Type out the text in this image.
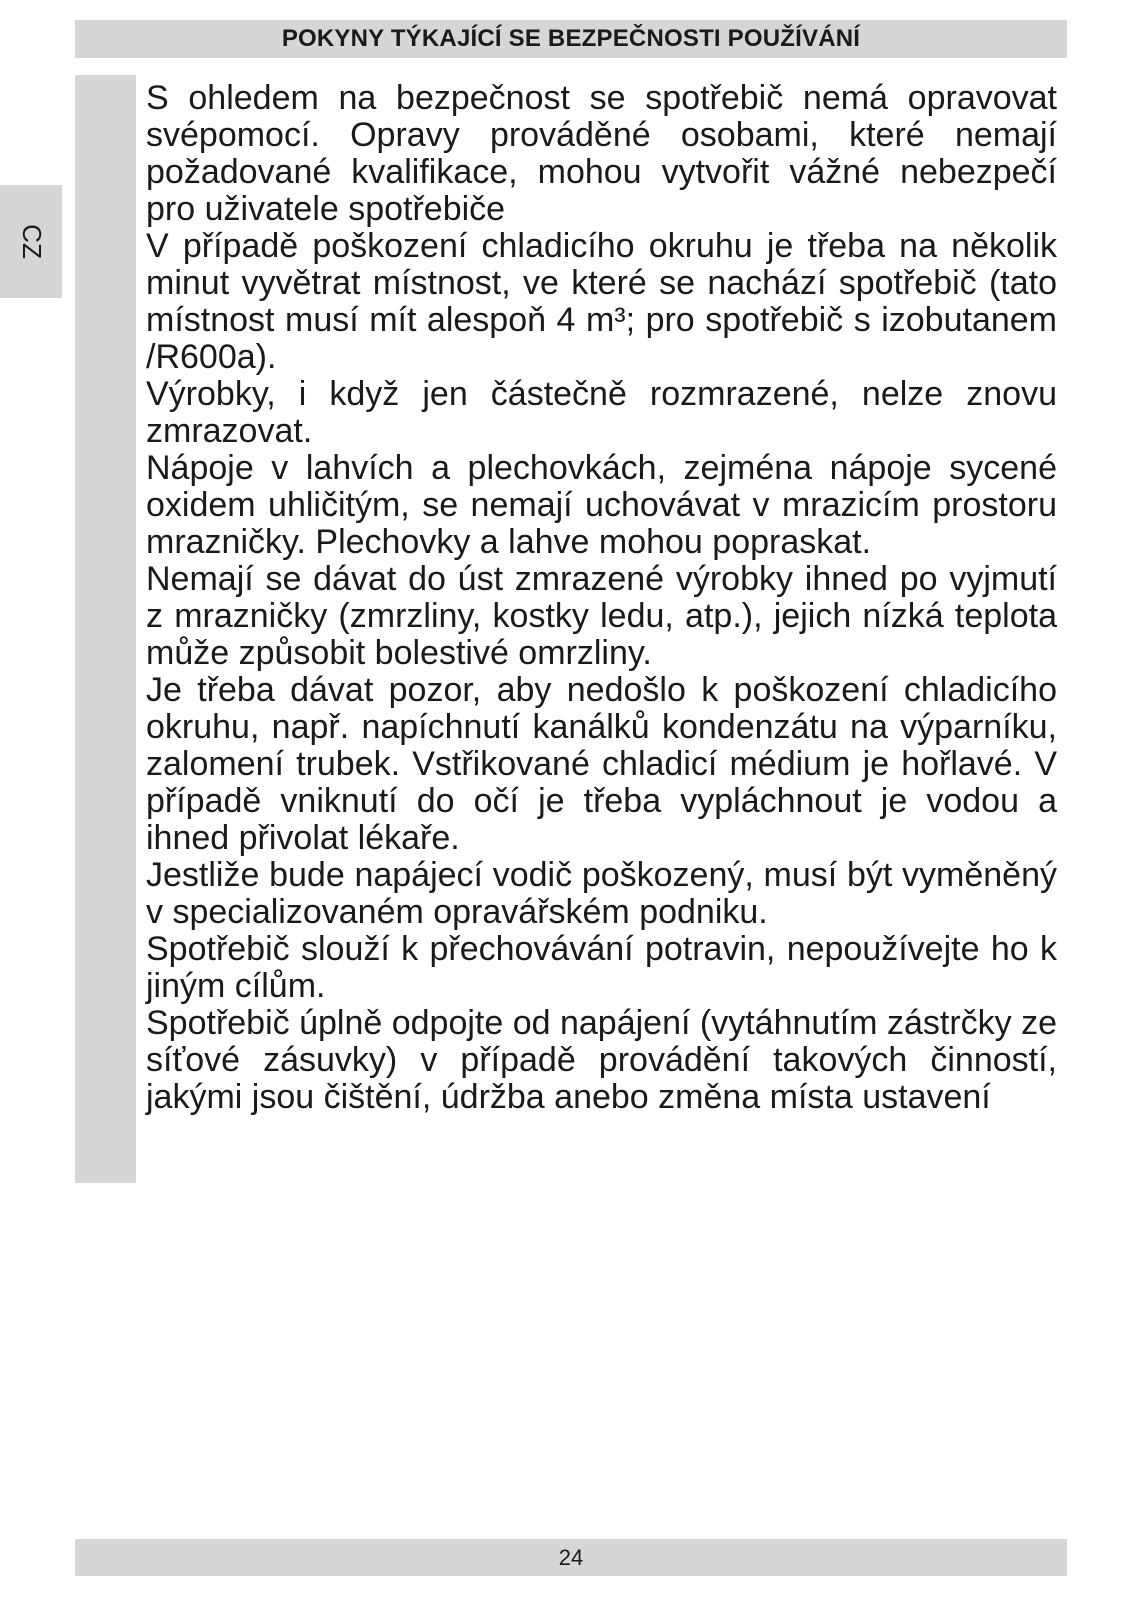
POKYNY TÝKAJÍCÍ SE BEZPEČNOSTI POUŽÍVÁNÍ
CZ

S ohledem na bezpečnost se spotřebič nemá opravovat svépomocí. Opravy prováděné osobami, které nemají požadované kvalifikace, mohou vytvořit vážné nebezpečí pro uživatele spotřebiče

V případě poškození chladicího okruhu je třeba na několik minut vyvětrat místnost, ve které se nachází spotřebič (tato místnost musí mít alespoň 4 m³; pro spotřebič s izobutanem /R600a).

Výrobky, i když jen částečně rozmrazené, nelze znovu zmrazovat.

Nápoje v lahvích a plechovkách, zejména nápoje sycené oxidem uhličitým, se nemají uchovávat v mrazicím prostoru mrazničky. Plechovky a lahve mohou popraskat.

Nemají se dávat do úst zmrazené výrobky ihned po vyjmutí z mrazničky (zmrzliny, kostky ledu, atp.), jejich nízká teplota může způsobit bolestivé omrzliny.

Je třeba dávat pozor, aby nedošlo k poškození chladicího okruhu, např. napíchnutí kanálků kondenzátu na výparníku, zalomení trubek. Vstřikované chladicí médium je hořlavé. V případě vniknutí do očí je třeba vypláchnout je vodou a ihned přivolat lékaře.

Jestliže bude napájecí vodič poškozený, musí být vyměněný v specializovaném opravářském podniku.

Spotřebič slouží k přechovávání potravin, nepoužívejte ho k jiným cílům.

Spotřebič úplně odpojte od napájení (vytáhnutím zástrčky ze síťové zásuvky) v případě provádění takových činností, jakými jsou čištění, údržba anebo změna místa ustavení

24
